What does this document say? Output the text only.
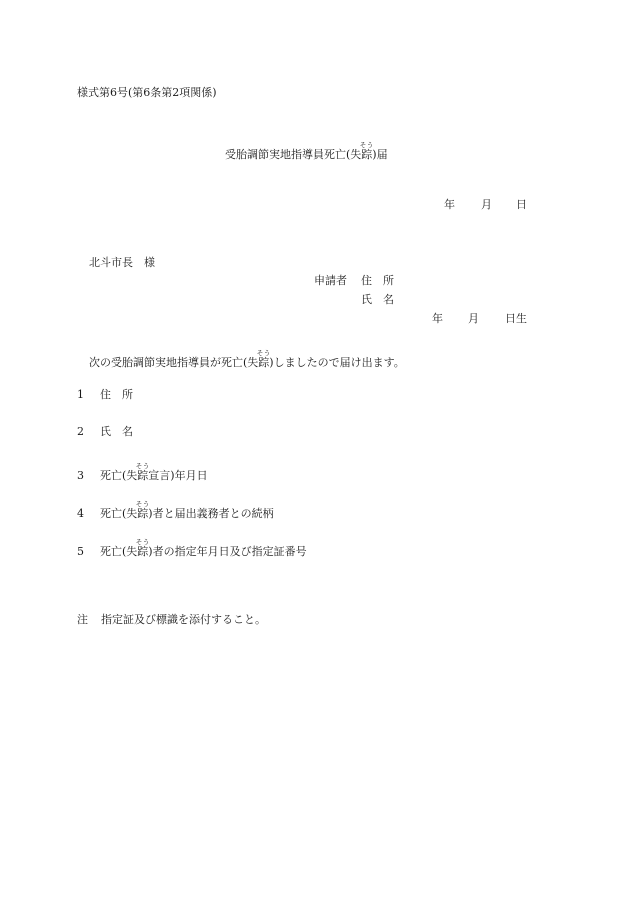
様式第6号(第6条第2項関係)
受胎調節実地指導員死亡(失踪そう)届
年 月 日
北斗市長　様
申請者 住　所
氏　名
年 月 日生
次の受胎調節実地指導員が死亡(失踪そう)しましたので届け出ます。
1 住　所
2 氏　名
3 死亡(失踪そう宣言)年月日
4 死亡(失踪そう)者と届出義務者との続柄
5 死亡(失踪そう)者の指定年月日及び指定証番号
注 指定証及び標識を添付すること。
